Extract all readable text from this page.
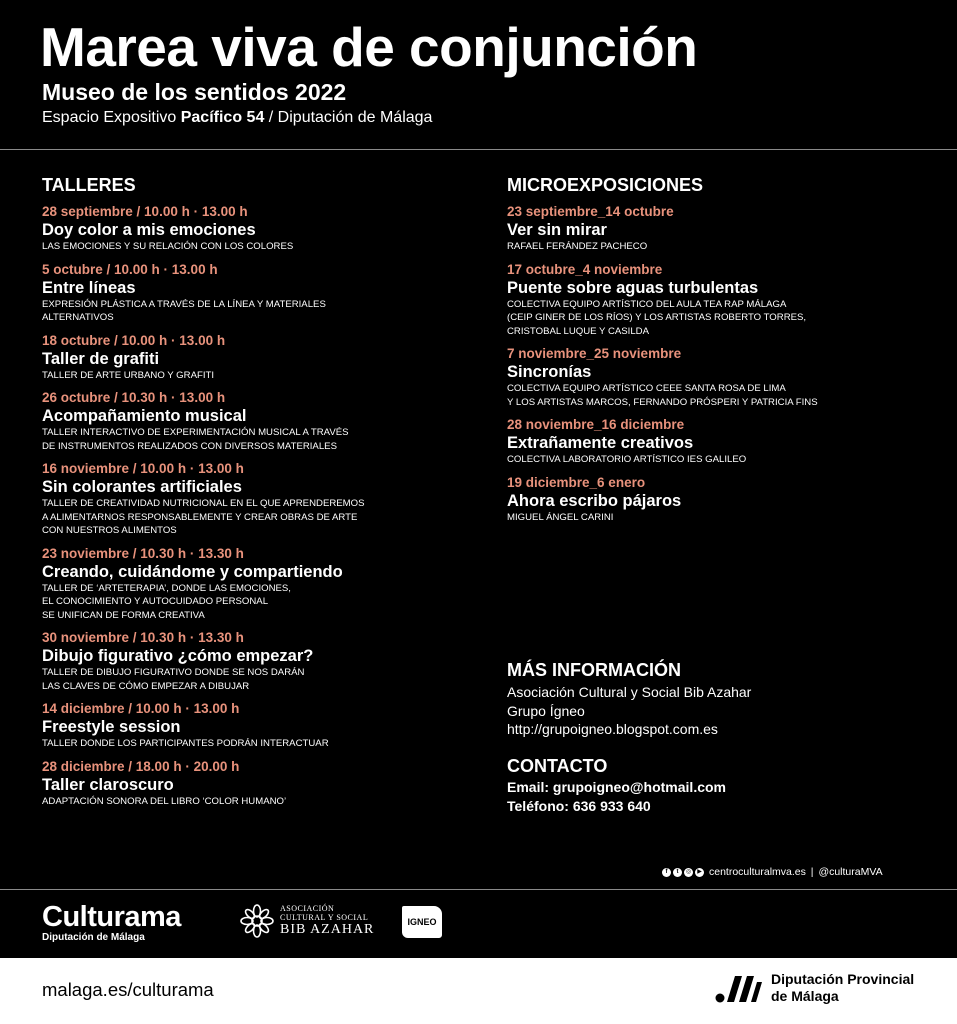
Marea viva de conjunción
Museo de los sentidos 2022
Espacio Expositivo Pacífico 54 / Diputación de Málaga
TALLERES
28 septiembre / 10.00 h · 13.00 h
Doy color a mis emociones
LAS EMOCIONES Y SU RELACIÓN CON LOS COLORES
5 octubre / 10.00 h · 13.00 h
Entre líneas
EXPRESIÓN PLÁSTICA A TRAVÉS DE LA LÍNEA Y MATERIALES
ALTERNATIVOS
18 octubre / 10.00 h · 13.00 h
Taller de grafiti
TALLER DE ARTE URBANO Y GRAFITI
26 octubre / 10.30 h · 13.00 h
Acompañamiento musical
TALLER INTERACTIVO DE EXPERIMENTACIÓN MUSICAL A TRAVÉS
DE INSTRUMENTOS REALIZADOS CON DIVERSOS MATERIALES
16 noviembre / 10.00 h · 13.00 h
Sin colorantes artificiales
TALLER DE CREATIVIDAD NUTRICIONAL EN EL QUE APRENDEREMOS
A ALIMENTARNOS RESPONSABLEMENTE Y CREAR OBRAS DE ARTE
CON NUESTROS ALIMENTOS
23 noviembre / 10.30 h · 13.30 h
Creando, cuidándome y compartiendo
TALLER DE ‘ARTETERAPIA’, DONDE LAS EMOCIONES,
EL CONOCIMIENTO Y AUTOCUIDADO PERSONAL
SE UNIFICAN DE FORMA CREATIVA
30 noviembre / 10.30 h · 13.30 h
Dibujo figurativo ¿cómo empezar?
TALLER DE DIBUJO FIGURATIVO DONDE SE NOS DARÁN
LAS CLAVES DE CÓMO EMPEZAR A DIBUJAR
14 diciembre / 10.00 h · 13.00 h
Freestyle session
TALLER DONDE LOS PARTICIPANTES PODRÁN INTERACTUAR
28 diciembre / 18.00 h · 20.00 h
Taller claroscuro
ADAPTACIÓN SONORA DEL LIBRO ‘COLOR HUMANO’
MICROEXPOSICIONES
23 septiembre_14 octubre
Ver sin mirar
RAFAEL FERÁNDEZ PACHECO
17 octubre_4 noviembre
Puente sobre aguas turbulentas
COLECTIVA EQUIPO ARTÍSTICO DEL AULA TEA RAP MÁLAGA
(CEIP GINER DE LOS RÍOS) Y LOS ARTISTAS ROBERTO TORRES,
CRISTOBAL LUQUE Y CASILDA
7 noviembre_25 noviembre
Sincronías
COLECTIVA EQUIPO ARTÍSTICO CEEE SANTA ROSA DE LIMA
Y LOS ARTISTAS MARCOS, FERNANDO PRÓSPERI Y PATRICIA FINS
28 noviembre_16 diciembre
Extrañamente creativos
COLECTIVA LABORATORIO ARTÍSTICO IES GALILEO
19 diciembre_6 enero
Ahora escribo pájaros
MIGUEL ÁNGEL CARINI
MÁS INFORMACIÓN
Asociación Cultural y Social Bib Azahar
Grupo Ígneo
http://grupoigneo.blogspot.com.es
CONTACTO
Email: grupoigneo@hotmail.com
Teléfono: 636 933 640
f	t	◎	▶ centroculturalmva.es | @culturaMVA
Culturama
Diputación de Málaga
ASOCIACIÓN
CULTURAL Y SOCIAL
BIB AZAHAR	IGNEO
malaga.es/culturama	Diputación Provincial
de Málaga
